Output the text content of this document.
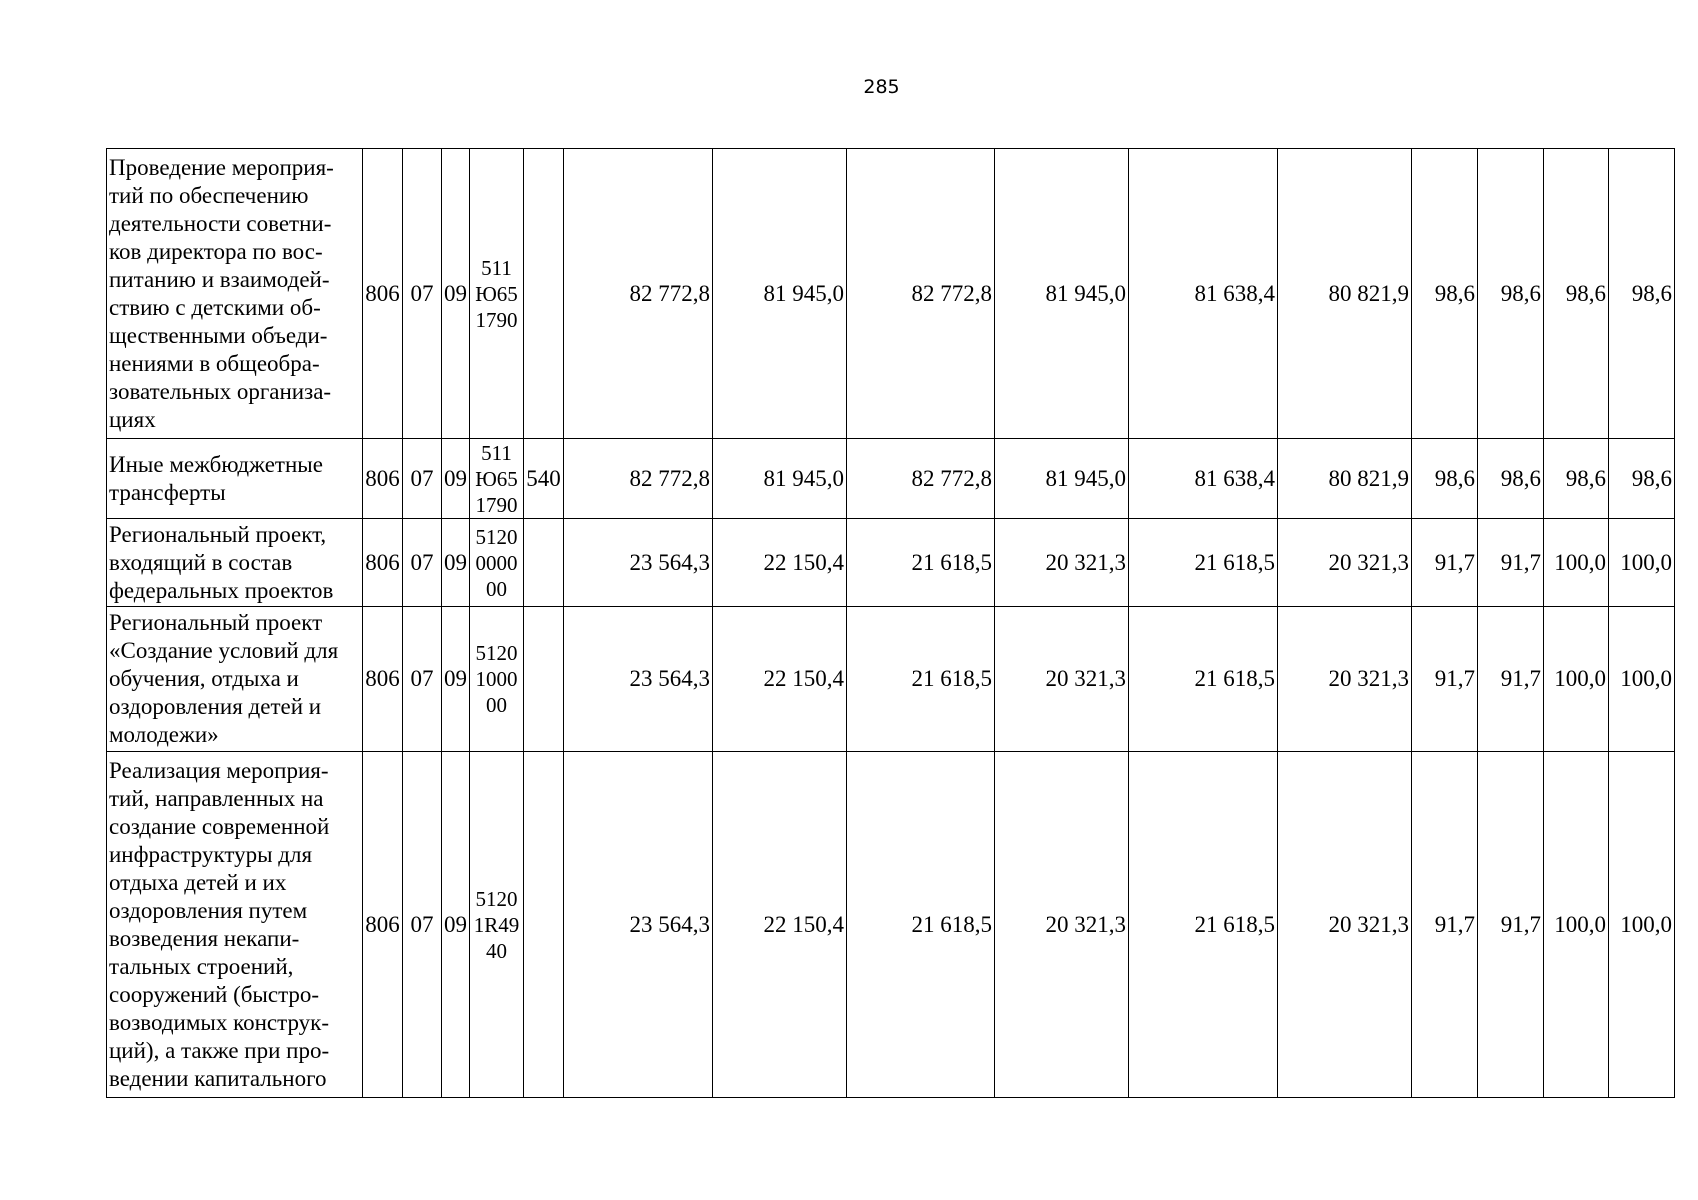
285
Проведение мероприя-тий по обеспечению деятельности советни-ков директора по вос-питанию и взаимодей-ствию с детскими об-щественными объеди-нениями в общеобра-зовательных организа-циях	806	07	09	511 Ю65 1790		82 772,8	81 945,0	82 772,8	81 945,0	81 638,4	80 821,9	98,6	98,6	98,6	98,6
Иные межбюджетные трансферты	806	07	09	511 Ю65 1790	540	82 772,8	81 945,0	82 772,8	81 945,0	81 638,4	80 821,9	98,6	98,6	98,6	98,6
Региональный проект, входящий в состав федеральных проектов	806	07	09	5120 0000 00		23 564,3	22 150,4	21 618,5	20 321,3	21 618,5	20 321,3	91,7	91,7	100,0	100,0
Региональный проект «Создание условий для обучения, отдыха и оздоровления детей и молодежи»	806	07	09	5120 1000 00		23 564,3	22 150,4	21 618,5	20 321,3	21 618,5	20 321,3	91,7	91,7	100,0	100,0
Реализация мероприя-тий, направленных на создание современной инфраструктуры для отдыха детей и их оздоровления путем возведения некапи-тальных строений, сооружений (быстро-возводимых конструк-ций), а также при про-ведении капитального	806	07	09	5120 1R49 40		23 564,3	22 150,4	21 618,5	20 321,3	21 618,5	20 321,3	91,7	91,7	100,0	100,0
